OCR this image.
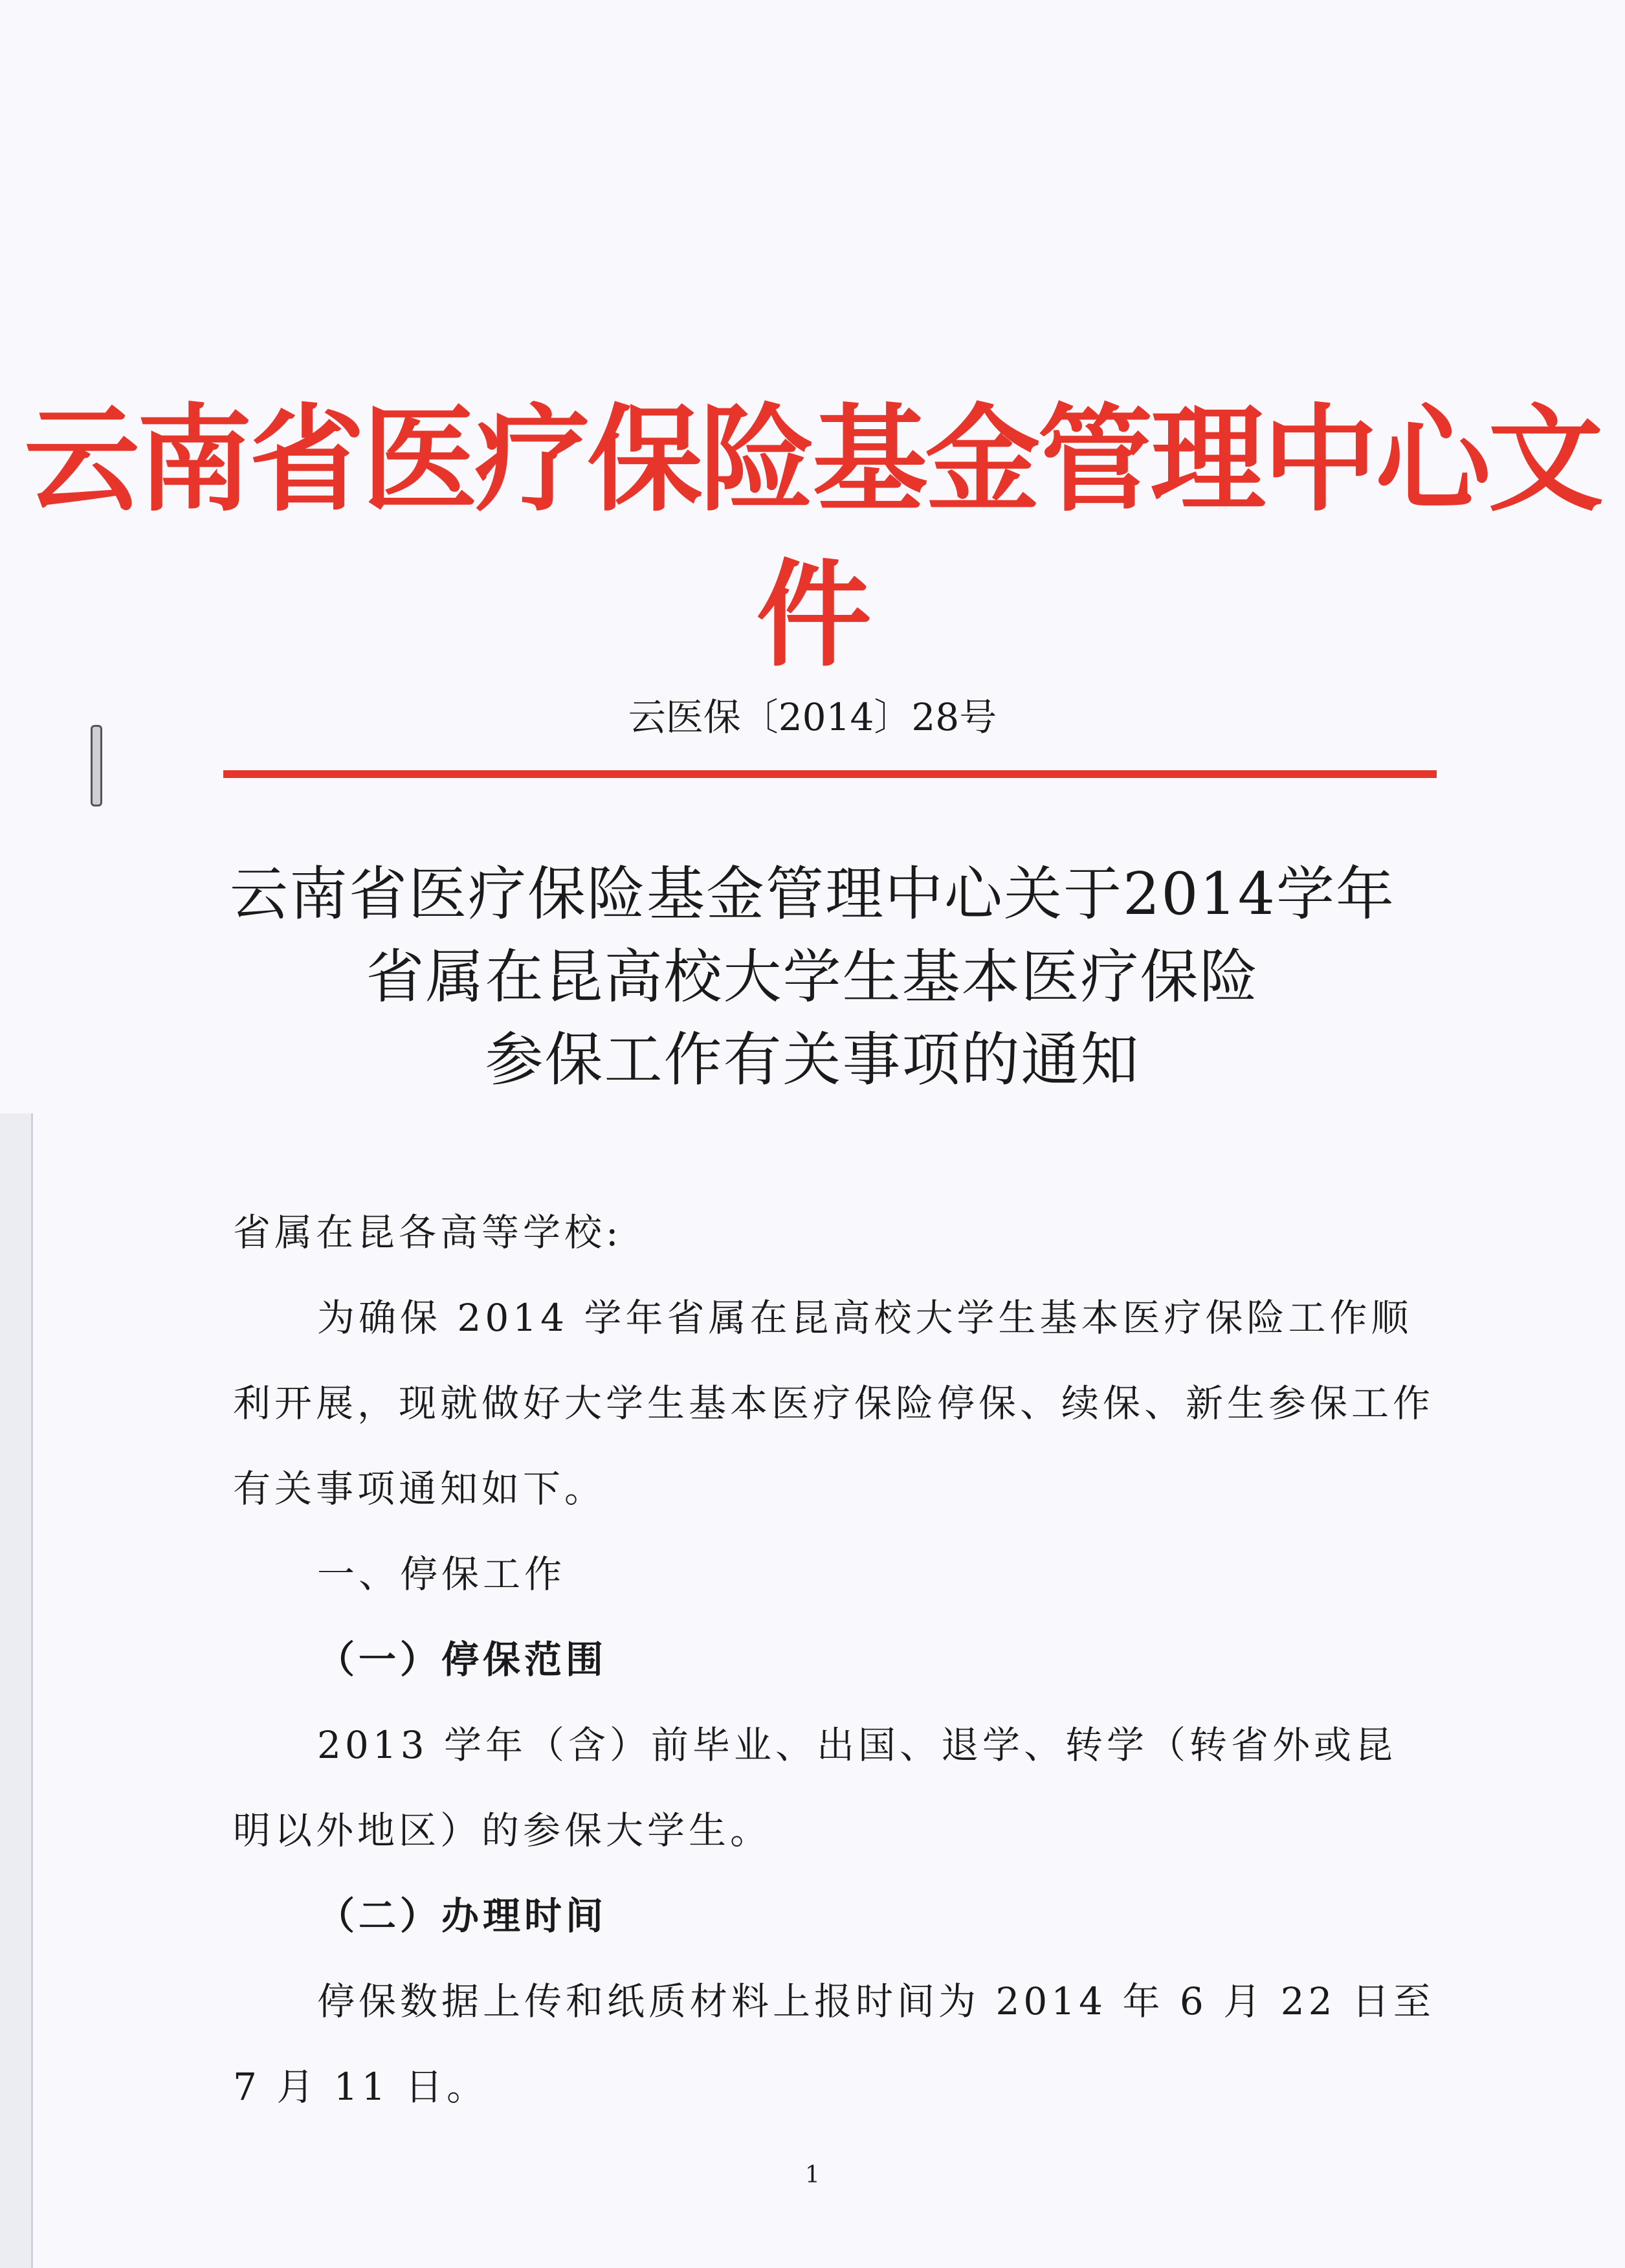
云南省医疗保险基金管理中心文件
云医保〔2014〕28号
云南省医疗保险基金管理中心关于2014学年
省属在昆高校大学生基本医疗保险
参保工作有关事项的通知

省属在昆各高等学校:

为确保 2014 学年省属在昆高校大学生基本医疗保险工作顺利开展，现就做好大学生基本医疗保险停保、续保、新生参保工作有关事项通知如下。

一、停保工作

（一）停保范围

2013 学年（含）前毕业、出国、退学、转学（转省外或昆明以外地区）的参保大学生。

（二）办理时间

停保数据上传和纸质材料上报时间为 2014 年 6 月 22 日至 7 月 11 日。

1
